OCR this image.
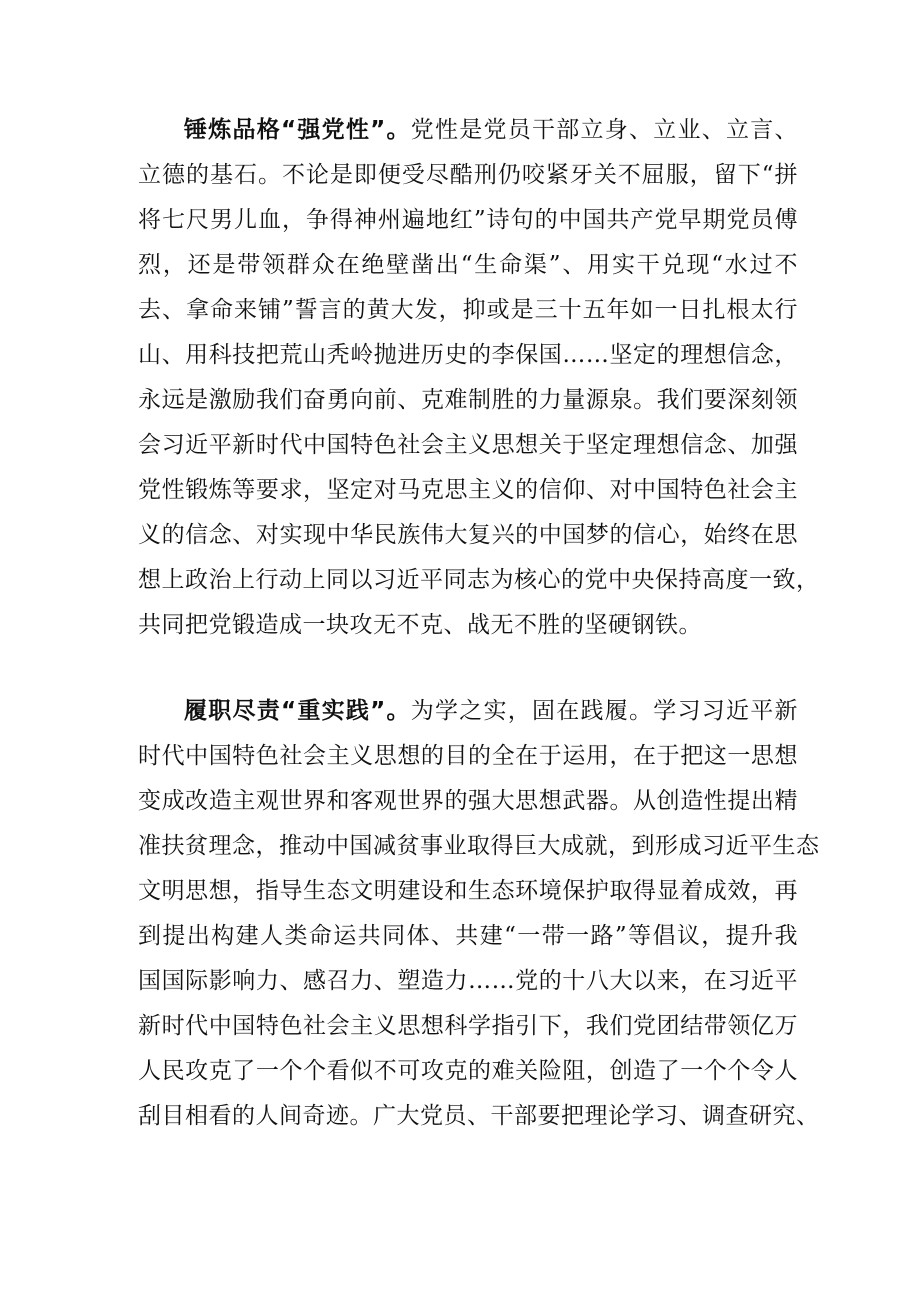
锤炼品格“强党性”。党性是党员干部立身、立业、立言、
立德的基石。不论是即便受尽酷刑仍咬紧牙关不屈服，留下“拼
将七尺男儿血，争得神州遍地红”诗句的中国共产党早期党员傅
烈，还是带领群众在绝壁凿出“生命渠”、用实干兑现“水过不
去、拿命来铺”誓言的黄大发，抑或是三十五年如一日扎根太行
山、用科技把荒山秃岭抛进历史的李保国……坚定的理想信念，
永远是激励我们奋勇向前、克难制胜的力量源泉。我们要深刻领
会习近平新时代中国特色社会主义思想关于坚定理想信念、加强
党性锻炼等要求，坚定对马克思主义的信仰、对中国特色社会主
义的信念、对实现中华民族伟大复兴的中国梦的信心，始终在思
想上政治上行动上同以习近平同志为核心的党中央保持高度一致，
共同把党锻造成一块攻无不克、战无不胜的坚硬钢铁。
履职尽责“重实践”。为学之实，固在践履。学习习近平新
时代中国特色社会主义思想的目的全在于运用，在于把这一思想
变成改造主观世界和客观世界的强大思想武器。从创造性提出精
准扶贫理念，推动中国减贫事业取得巨大成就，到形成习近平生态
文明思想，指导生态文明建设和生态环境保护取得显着成效，再
到提出构建人类命运共同体、共建“一带一路”等倡议，提升我
国国际影响力、感召力、塑造力……党的十八大以来，在习近平
新时代中国特色社会主义思想科学指引下，我们党团结带领亿万
人民攻克了一个个看似不可攻克的难关险阻，创造了一个个令人
刮目相看的人间奇迹。广大党员、干部要把理论学习、调查研究、
